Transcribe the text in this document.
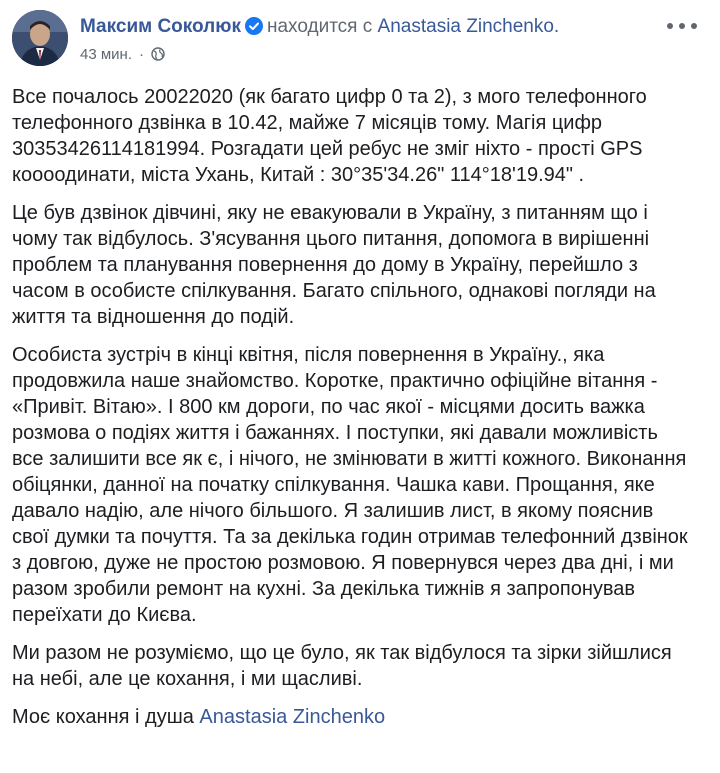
Максим Соколюк находится с Anastasia Zinchenko.
43 мин. ·

Все почалось 20022020 (як багато цифр 0 та 2), з мого телефонного
телефонного дзвінка в 10.42, майже 7 місяців тому. Магія цифр
30353426114181994. Розгадати цей ребус не зміг ніхто - прості GPS
коооодинати, міста Ухань, Китай : 30°35'34.26" 114°18'19.94" .

Це був дзвінок дівчині, яку не евакуювали в Україну, з питанням що і
чому так відбулось. З'ясування цього питання, допомога в вирішенні
проблем та планування повернення до дому в Україну, перейшло з
часом в особисте спілкування. Багато спільного, однакові погляди на
життя та відношення до подій.

Особиста зустріч в кінці квітня, після повернення в Україну., яка
продовжила наше знайомство. Коротке, практично офіційне вітання -
«Привіт. Вітаю». І 800 км дороги, по час якої - місцями досить важка
розмова о подіях життя і бажаннях. І поступки, які давали можливість
все залишити все як є, і нічого, не змінювати в житті кожного. Виконання
обіцянки, данної на початку спілкування. Чашка кави. Прощання, яке
давало надію, але нічого більшого. Я залишив лист, в якому пояснив
свої думки та почуття. Та за декілька годин отримав телефонний дзвінок
з довгою, дуже не простою розмовою. Я повернувся через два дні, і ми
разом зробили ремонт на кухні. За декілька тижнів я запропонував
переїхати до Києва.

Ми разом не розуміємо, що це було, як так відбулося та зірки зійшлися
на небі, але це кохання, і ми щасливі.

Моє кохання і душа Anastasia Zinchenko
